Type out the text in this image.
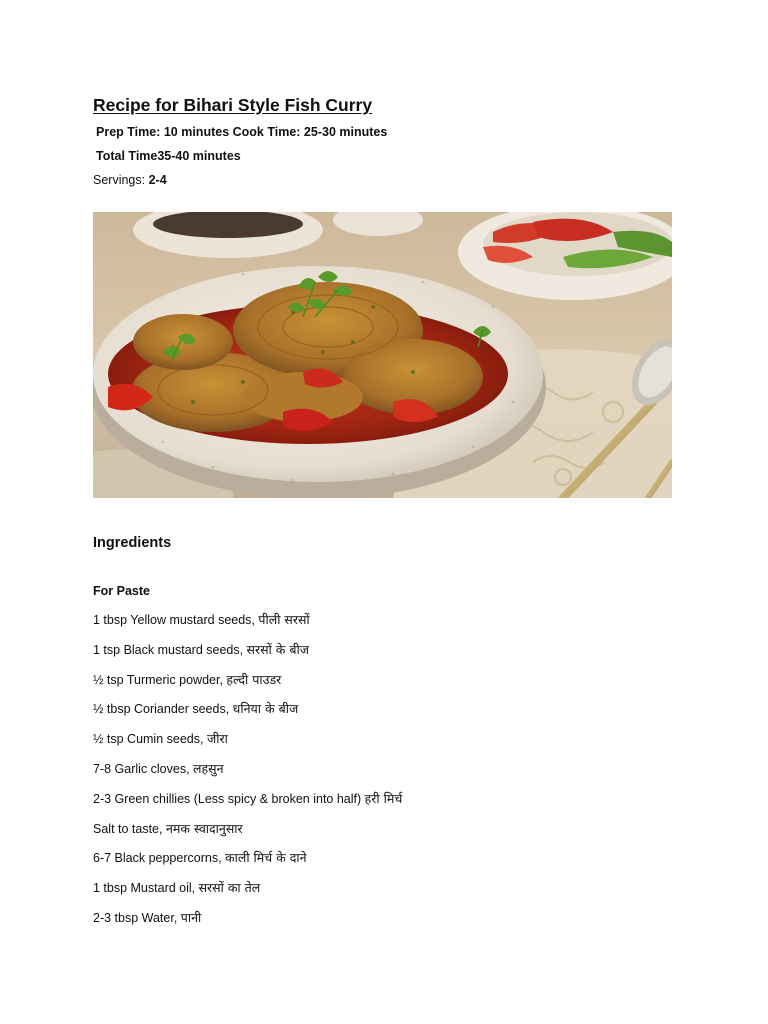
Recipe for Bihari Style Fish Curry
Prep Time: 10 minutes Cook Time: 25-30 minutes
Total Time35-40 minutes
Servings: 2-4
Ingredients
For Paste
1 tbsp Yellow mustard seeds, पीली सरसों
1 tsp Black mustard seeds, सरसों के बीज
½ tsp Turmeric powder, हल्दी पाउडर
½ tbsp Coriander seeds, धनिया के बीज
½ tsp Cumin seeds, जीरा
7-8 Garlic cloves, लहसुन
2-3 Green chillies (Less spicy & broken into half) हरी मिर्च
Salt to taste, नमक स्वादानुसार
6-7 Black peppercorns, काली मिर्च के दाने
1 tbsp Mustard oil, सरसों का तेल
2-3 tbsp Water, पानी
